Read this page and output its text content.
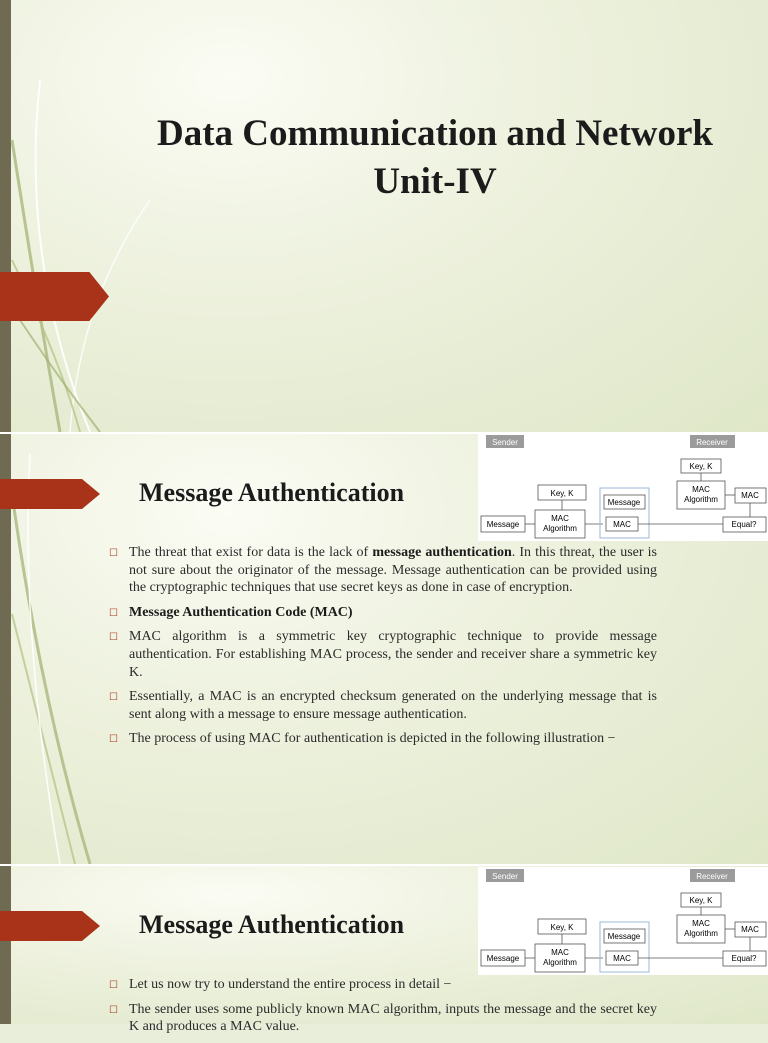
Data Communication and Network
Unit-IV
Message Authentication
Sender	Receiver
Key, K
Message
MAC
Algorithm
Message
MAC
Key, K
MAC
Algorithm	MAC
Equal?
☐ The threat that exist for data is the lack of message authentication. In this threat, the user is not sure about the originator of the message. Message authentication can be provided using the cryptographic techniques that use secret keys as done in case of encryption.
☐ Message Authentication Code (MAC)
☐ MAC algorithm is a symmetric key cryptographic technique to provide message authentication. For establishing MAC process, the sender and receiver share a symmetric key K.
☐ Essentially, a MAC is an encrypted checksum generated on the underlying message that is sent along with a message to ensure message authentication.
☐ The process of using MAC for authentication is depicted in the following illustration −
Message Authentication
Sender	Receiver
Key, K
Message
MAC
Algorithm
Message
MAC
Key, K
MAC
Algorithm	MAC
Equal?
☐ Let us now try to understand the entire process in detail −
☐ The sender uses some publicly known MAC algorithm, inputs the message and the secret key K and produces a MAC value.
